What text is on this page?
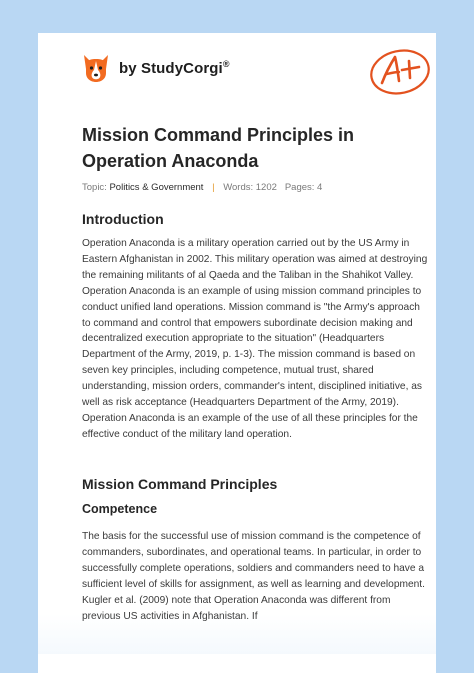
by StudyCorgi®
Mission Command Principles in Operation Anaconda
Topic: Politics & Government | Words: 1202 Pages: 4
Introduction

Operation Anaconda is a military operation carried out by the US Army in Eastern Afghanistan in 2002. This military operation was aimed at destroying the remaining militants of al Qaeda and the Taliban in the Shahikot Valley. Operation Anaconda is an example of using mission command principles to conduct unified land operations. Mission command is "the Army's approach to command and control that empowers subordinate decision making and decentralized execution appropriate to the situation" (Headquarters Department of the Army, 2019, p. 1-3). The mission command is based on seven key principles, including competence, mutual trust, shared understanding, mission orders, commander's intent, disciplined initiative, as well as risk acceptance (Headquarters Department of the Army, 2019). Operation Anaconda is an example of the use of all these principles for the effective conduct of the military land operation.

Mission Command Principles
Competence

The basis for the successful use of mission command is the competence of commanders, subordinates, and operational teams. In particular, in order to successfully complete operations, soldiers and commanders need to have a sufficient level of skills for assignment, as well as learning and development. Kugler et al. (2009) note that Operation Anaconda was different from previous US activities in Afghanistan. If
